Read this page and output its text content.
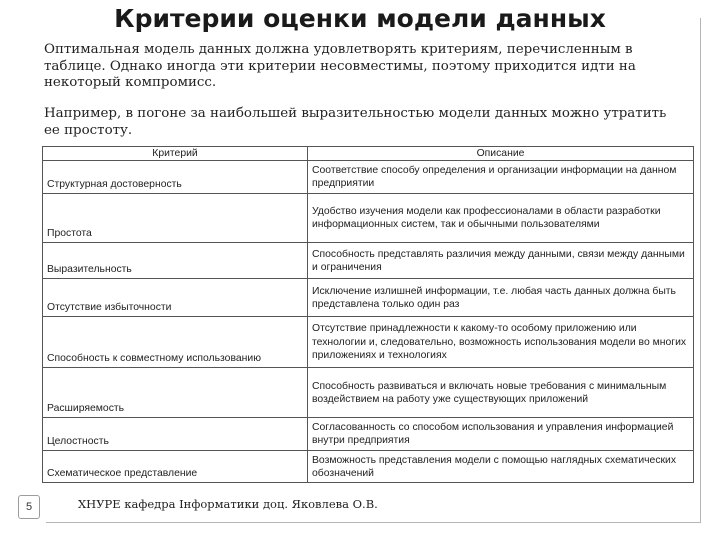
Критерии оценки модели данных
Оптимальная модель данных должна удовлетворять критериям, перечисленным в таблице. Однако иногда эти критерии несовместимы, поэтому приходится идти на некоторый компромисс.
Например, в погоне за наибольшей выразительностью модели данных можно утратить ее простоту.
Критерий	Описание
Структурная достоверность	Соответствие способу определения и организации информации на данном предприятии
Простота	Удобство изучения модели как профессионалами в области разработки информационных систем, так и обычными пользователями
Выразительность	Способность представлять различия между данными, связи между данными и ограничения
Отсутствие избыточности	Исключение излишней информации, т.е. любая часть данных должна быть представлена только один раз
Способность к совместному использованию	Отсутствие принадлежности к какому-то особому приложению или технологии и, следовательно, возможность использования модели во многих приложениях и технологиях
Расширяемость	Способность развиваться и включать новые требования с минимальным воздействием на работу уже существующих приложений
Целостность	Согласованность со способом использования и управления информацией внутри предприятия
Схематическое представление	Возможность представления модели с помощью наглядных схематических обозначений
5	ХНУРЕ кафедра Інформатики доц. Яковлева О.В.
